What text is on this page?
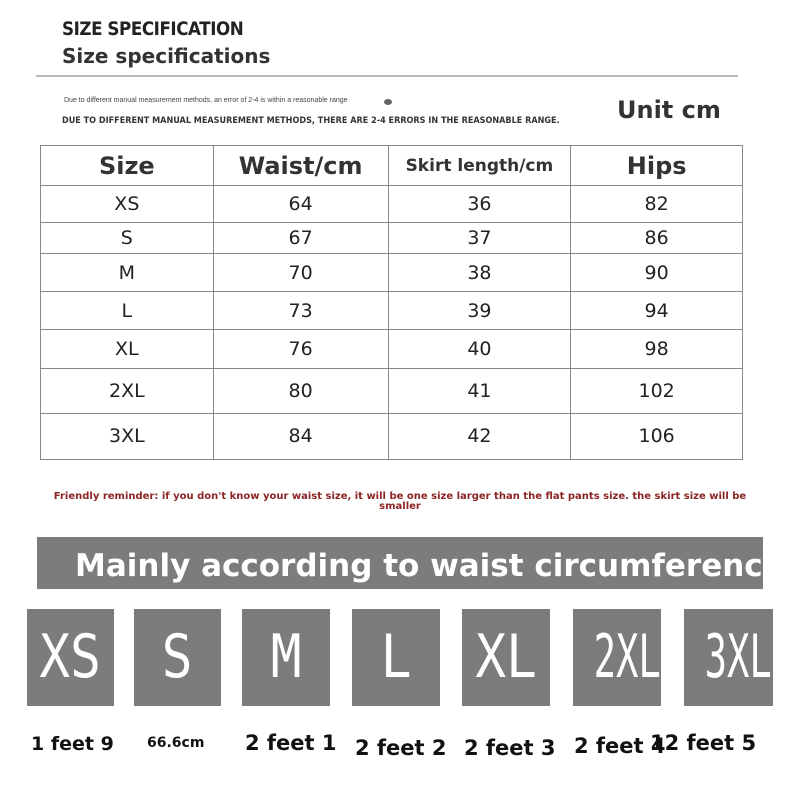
SIZE SPECIFICATION
Size specifications
Due to different manual measurement methods, an error of 2-4 is within a reasonable range
DUE TO DIFFERENT MANUAL MEASUREMENT METHODS, THERE ARE 2-4 ERRORS IN THE REASONABLE RANGE. Unit cm
Size	Waist/cm	Skirt length/cm	Hips
XS	64	36	82
S	67	37	86
M	70	38	90
L	73	39	94
XL	76	40	98
2XL	80	41	102
3XL	84	42	106
Friendly reminder: if you don't know your waist size, it will be one size larger than the flat pants size. the skirt size will be
smaller
Mainly according to waist circumference
XS	S	M	L	XL 2XL 3XL
1 feet 9 66.6cm 2 feet 1 2 feet 2 2 feet 3 2 feet 4
12 feet 5
